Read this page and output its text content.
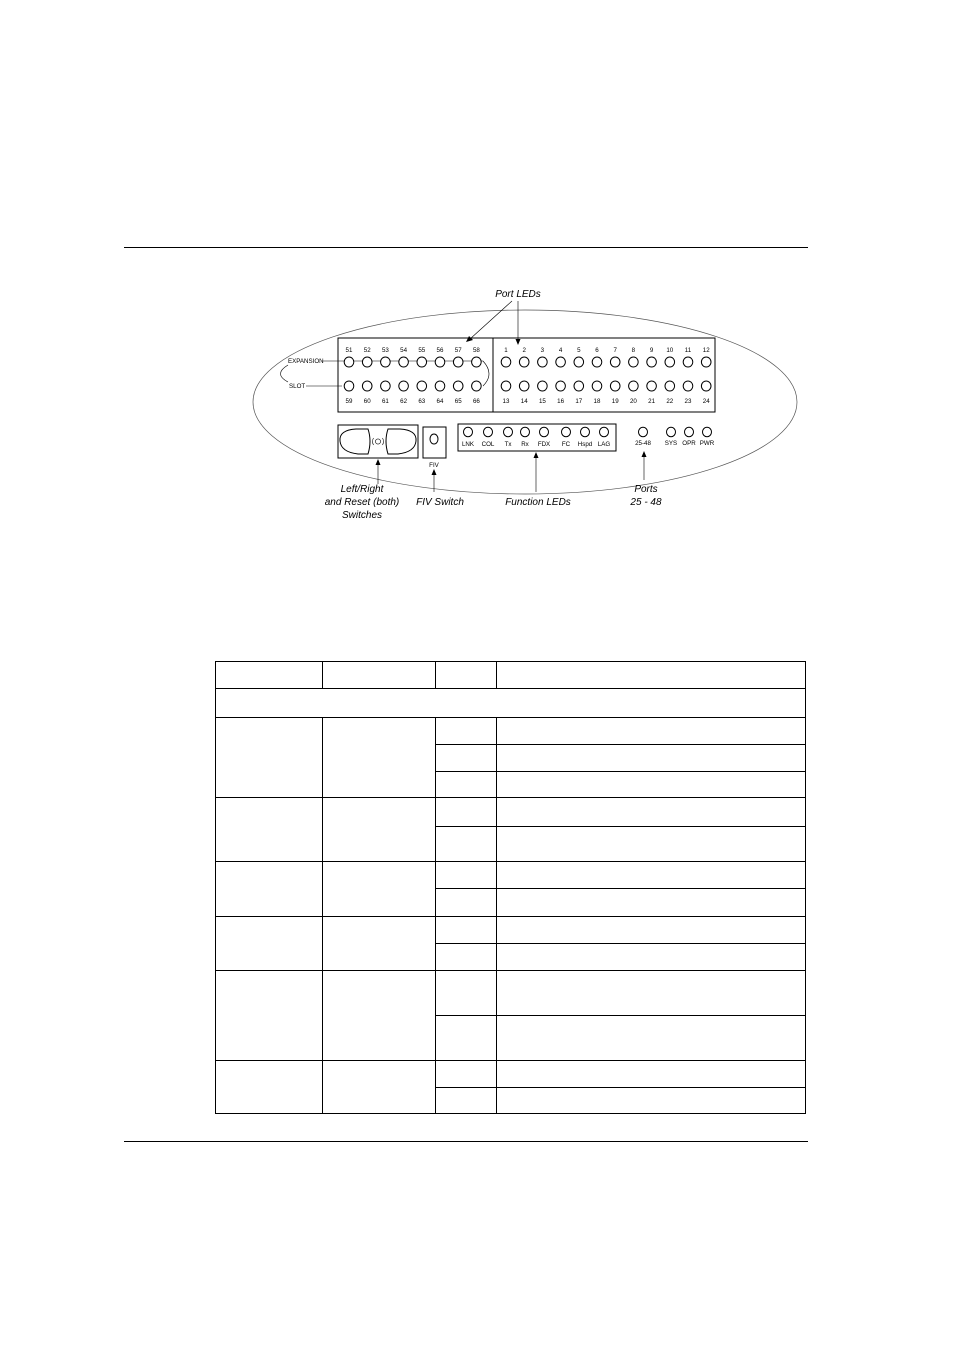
Port LEDs
EXPANSION
SLOT
51 52 53 54 55 56 57 58
59 60 61 62 63 64 65 66
1 2 3 4 5 6 7 8 9 10 11 12
13 14 15 16 17 18 19 20 21 22 23 24
FIV
LNK COL Tx Rx FDX FC Hspd LAG	25-48 SYS OPR PWR
Left/Right
and Reset (both)
Switches
FIV Switch	Function LEDs
Ports
25 - 48
